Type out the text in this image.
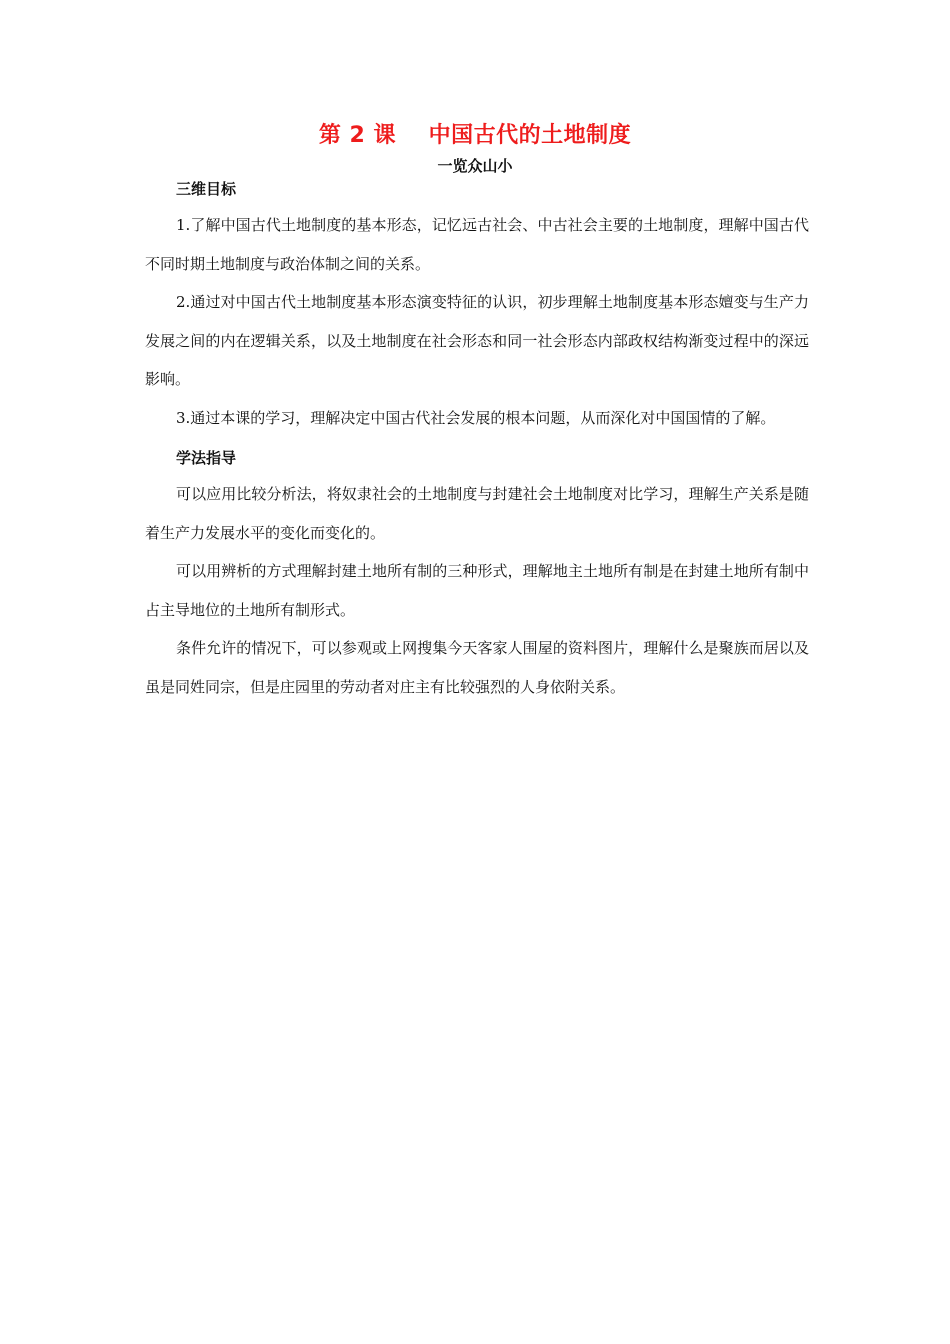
第 2 课    中国古代的土地制度
一览众山小
三维目标

1.了解中国古代土地制度的基本形态，记忆远古社会、中古社会主要的土地制度，理解中国古代不同时期土地制度与政治体制之间的关系。

2.通过对中国古代土地制度基本形态演变特征的认识，初步理解土地制度基本形态嬗变与生产力发展之间的内在逻辑关系，以及土地制度在社会形态和同一社会形态内部政权结构渐变过程中的深远影响。

3.通过本课的学习，理解决定中国古代社会发展的根本问题，从而深化对中国国情的了解。

学法指导

可以应用比较分析法，将奴隶社会的土地制度与封建社会土地制度对比学习，理解生产关系是随着生产力发展水平的变化而变化的。

可以用辨析的方式理解封建土地所有制的三种形式，理解地主土地所有制是在封建土地所有制中占主导地位的土地所有制形式。

条件允许的情况下，可以参观或上网搜集今天客家人围屋的资料图片，理解什么是聚族而居以及虽是同姓同宗，但是庄园里的劳动者对庄主有比较强烈的人身依附关系。
